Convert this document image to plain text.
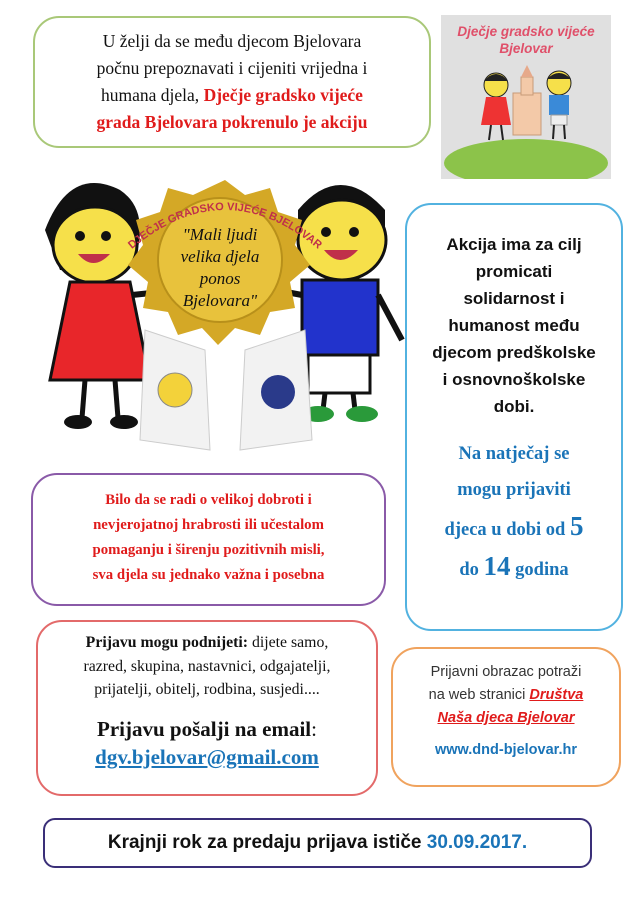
U želji da se među djecom Bjelovara
počnu prepoznavati i cijeniti vrijedna i
humana djela, Dječje gradsko vijeće
grada Bjelovara pokrenulo je akciju
Dječje gradsko vijeće
Bjelovar
DJEČJE GRADSKO VIJEĆE BJELOVAR
"Mali ljudi
velika djela
ponos
Bjelovara"
Akcija ima za cilj
promicati
solidarnost i
humanost među
djecom predškolske
i osnovnoškolske
dobi.
Na natječaj se
mogu prijaviti
djeca u dobi od 5
do 14 godina
Bilo da se radi o velikoj dobroti i
nevjerojatnoj hrabrosti ili učestalom
pomaganju i širenju pozitivnih misli,
sva djela su jednako važna i posebna
Prijavu mogu podnijeti: dijete samo,
razred, skupina, nastavnici, odgajatelji,
prijatelji, obitelj, rodbina, susjedi....
Prijavu pošalji na email:
dgv.bjelovar@gmail.com
Prijavni obrazac potraži
na web stranici Društva
Naša djeca Bjelovar
www.dnd-bjelovar.hr
Krajnji rok za predaju prijava ističe 30.09.2017.
